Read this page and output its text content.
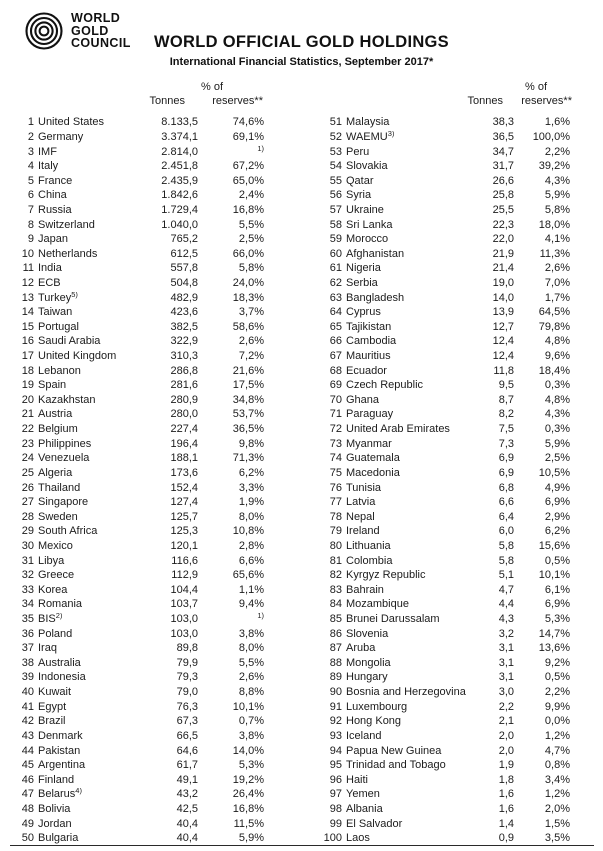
WORLD
GOLD
COUNCIL	WORLD OFFICIAL GOLD HOLDINGS
International Financial Statistics, September 2017*
% of
Tonnes	reserves**
% of
Tonnes	reserves**
1 United States	8.133,5	74,6%
2 Germany	3.374,1	69,1%
3 IMF	2.814,0	$^{1)}$
4 Italy	2.451,8	67,2%
5 France	2.435,9	65,0%
6 China	1.842,6	2,4%
7 Russia	1.729,4	16,8%
8 Switzerland	1.040,0	5,5%
9 Japan	765,2	2,5%
10 Netherlands	612,5	66,0%
11 India	557,8	5,8%
12 ECB	504,8	24,0%
13 Turkey$^{5)}$	482,9	18,3%
14 Taiwan	423,6	3,7%
15 Portugal	382,5	58,6%
16 Saudi Arabia	322,9	2,6%
17 United Kingdom	310,3	7,2%
18 Lebanon	286,8	21,6%
19 Spain	281,6	17,5%
20 Kazakhstan	280,9	34,8%
21 Austria	280,0	53,7%
22 Belgium	227,4	36,5%
23 Philippines	196,4	9,8%
24 Venezuela	188,1	71,3%
25 Algeria	173,6	6,2%
26 Thailand	152,4	3,3%
27 Singapore	127,4	1,9%
28 Sweden	125,7	8,0%
29 South Africa	125,3	10,8%
30 Mexico	120,1	2,8%
31 Libya	116,6	6,6%
32 Greece	112,9	65,6%
33 Korea	104,4	1,1%
34 Romania	103,7	9,4%
35 BIS$^{2)}$	103,0	$^{1)}$
36 Poland	103,0	3,8%
37 Iraq	89,8	8,0%
38 Australia	79,9	5,5%
39 Indonesia	79,3	2,6%
40 Kuwait	79,0	8,8%
41 Egypt	76,3	10,1%
42 Brazil	67,3	0,7%
43 Denmark	66,5	3,8%
44 Pakistan	64,6	14,0%
45 Argentina	61,7	5,3%
46 Finland	49,1	19,2%
47 Belarus$^{4)}$	43,2	26,4%
48 Bolivia	42,5	16,8%
49 Jordan	40,4	11,5%
50 Bulgaria	40,4	5,9%
51 Malaysia	38,3	1,6%
52 WAEMU$^{3)}$	36,5	100,0%
53 Peru	34,7	2,2%
54 Slovakia	31,7	39,2%
55 Qatar	26,6	4,3%
56 Syria	25,8	5,9%
57 Ukraine	25,5	5,8%
58 Sri Lanka	22,3	18,0%
59 Morocco	22,0	4,1%
60 Afghanistan	21,9	11,3%
61 Nigeria	21,4	2,6%
62 Serbia	19,0	7,0%
63 Bangladesh	14,0	1,7%
64 Cyprus	13,9	64,5%
65 Tajikistan	12,7	79,8%
66 Cambodia	12,4	4,8%
67 Mauritius	12,4	9,6%
68 Ecuador	11,8	18,4%
69 Czech Republic	9,5	0,3%
70 Ghana	8,7	4,8%
71 Paraguay	8,2	4,3%
72 United Arab Emirates	7,5	0,3%
73 Myanmar	7,3	5,9%
74 Guatemala	6,9	2,5%
75 Macedonia	6,9	10,5%
76 Tunisia	6,8	4,9%
77 Latvia	6,6	6,9%
78 Nepal	6,4	2,9%
79 Ireland	6,0	6,2%
80 Lithuania	5,8	15,6%
81 Colombia	5,8	0,5%
82 Kyrgyz Republic	5,1	10,1%
83 Bahrain	4,7	6,1%
84 Mozambique	4,4	6,9%
85 Brunei Darussalam	4,3	5,3%
86 Slovenia	3,2	14,7%
87 Aruba	3,1	13,6%
88 Mongolia	3,1	9,2%
89 Hungary	3,1	0,5%
90 Bosnia and Herzegovina	3,0	2,2%
91 Luxembourg	2,2	9,9%
92 Hong Kong	2,1	0,0%
93 Iceland	2,0	1,2%
94 Papua New Guinea	2,0	4,7%
95 Trinidad and Tobago	1,9	0,8%
96 Haiti	1,8	3,4%
97 Yemen	1,6	1,2%
98 Albania	1,6	2,0%
99 El Salvador	1,4	1,5%
100 Laos	0,9	3,5%
